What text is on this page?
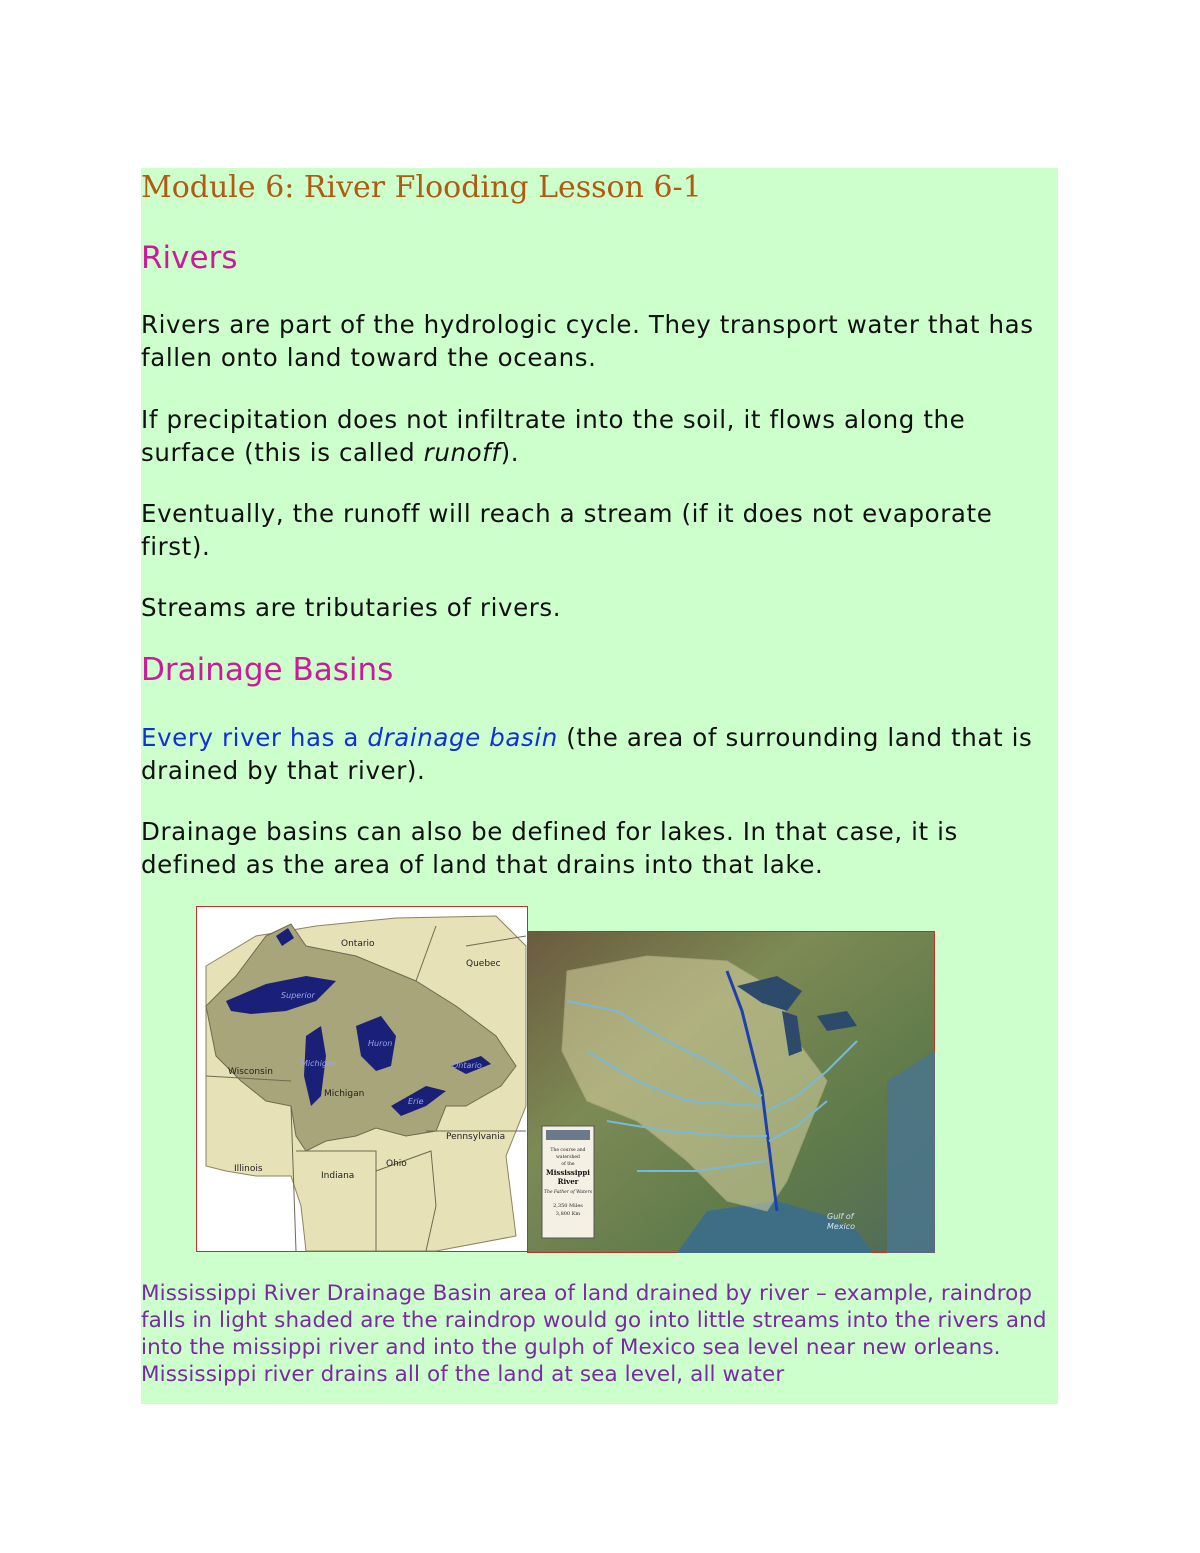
Module 6: River Flooding Lesson 6-1
Rivers

Rivers are part of the hydrologic cycle. They transport water that has fallen onto land toward the oceans.

If precipitation does not infiltrate into the soil, it flows along the surface (this is called runoff).

Eventually, the runoff will reach a stream (if it does not evaporate first).

Streams are tributaries of rivers.

Drainage Basins

Every river has a drainage basin (the area of surrounding land that is drained by that river).

Drainage basins can also be defined for lakes. In that case, it is defined as the area of land that drains into that lake.

Ontario
Quebec
Wisconsin
Michigan
Pennsylvania
Illinois
Indiana
Ohio
Superior
Huron
Michigan
Erie
Ontario
The course and
watershed
of the
Mississippi
River
The Father of Waters
2,350 Miles
3,800 Km	Gulf of
Mexico

Mississippi River Drainage Basin area of land drained by river – example, raindrop falls in light shaded are the raindrop would go into little streams into the rivers and into the missippi river and into the gulph of Mexico sea level near new orleans. Mississippi river drains all of the land at sea level, all water
